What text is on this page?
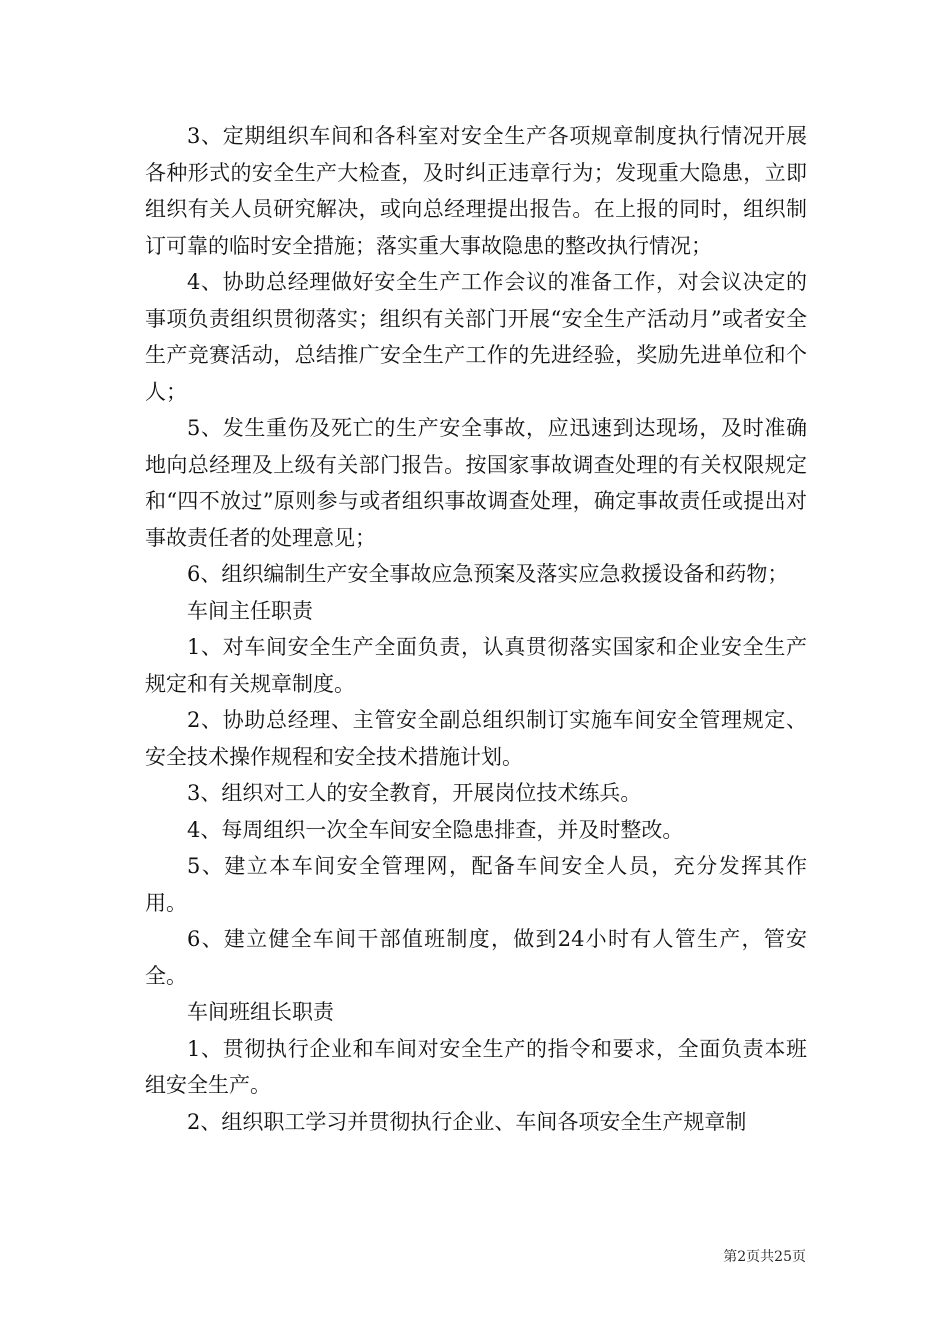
3、定期组织车间和各科室对安全生产各项规章制度执行情况开展各种形式的安全生产大检查，及时纠正违章行为；发现重大隐患，立即组织有关人员研究解决，或向总经理提出报告。在上报的同时，组织制订可靠的临时安全措施；落实重大事故隐患的整改执行情况；

4、协助总经理做好安全生产工作会议的准备工作，对会议决定的事项负责组织贯彻落实；组织有关部门开展“安全生产活动月”或者安全生产竞赛活动，总结推广安全生产工作的先进经验，奖励先进单位和个人；

5、发生重伤及死亡的生产安全事故，应迅速到达现场，及时准确地向总经理及上级有关部门报告。按国家事故调查处理的有关权限规定和“四不放过”原则参与或者组织事故调查处理，确定事故责任或提出对事故责任者的处理意见；

6、组织编制生产安全事故应急预案及落实应急救援设备和药物；

车间主任职责

1、对车间安全生产全面负责，认真贯彻落实国家和企业安全生产规定和有关规章制度。

2、协助总经理、主管安全副总组织制订实施车间安全管理规定、安全技术操作规程和安全技术措施计划。

3、组织对工人的安全教育，开展岗位技术练兵。

4、每周组织一次全车间安全隐患排查，并及时整改。

5、建立本车间安全管理网，配备车间安全人员，充分发挥其作用。

6、建立健全车间干部值班制度，做到24小时有人管生产，管安全。

车间班组长职责

1、贯彻执行企业和车间对安全生产的指令和要求，全面负责本班组安全生产。

2、组织职工学习并贯彻执行企业、车间各项安全生产规章制

第2页共25页
